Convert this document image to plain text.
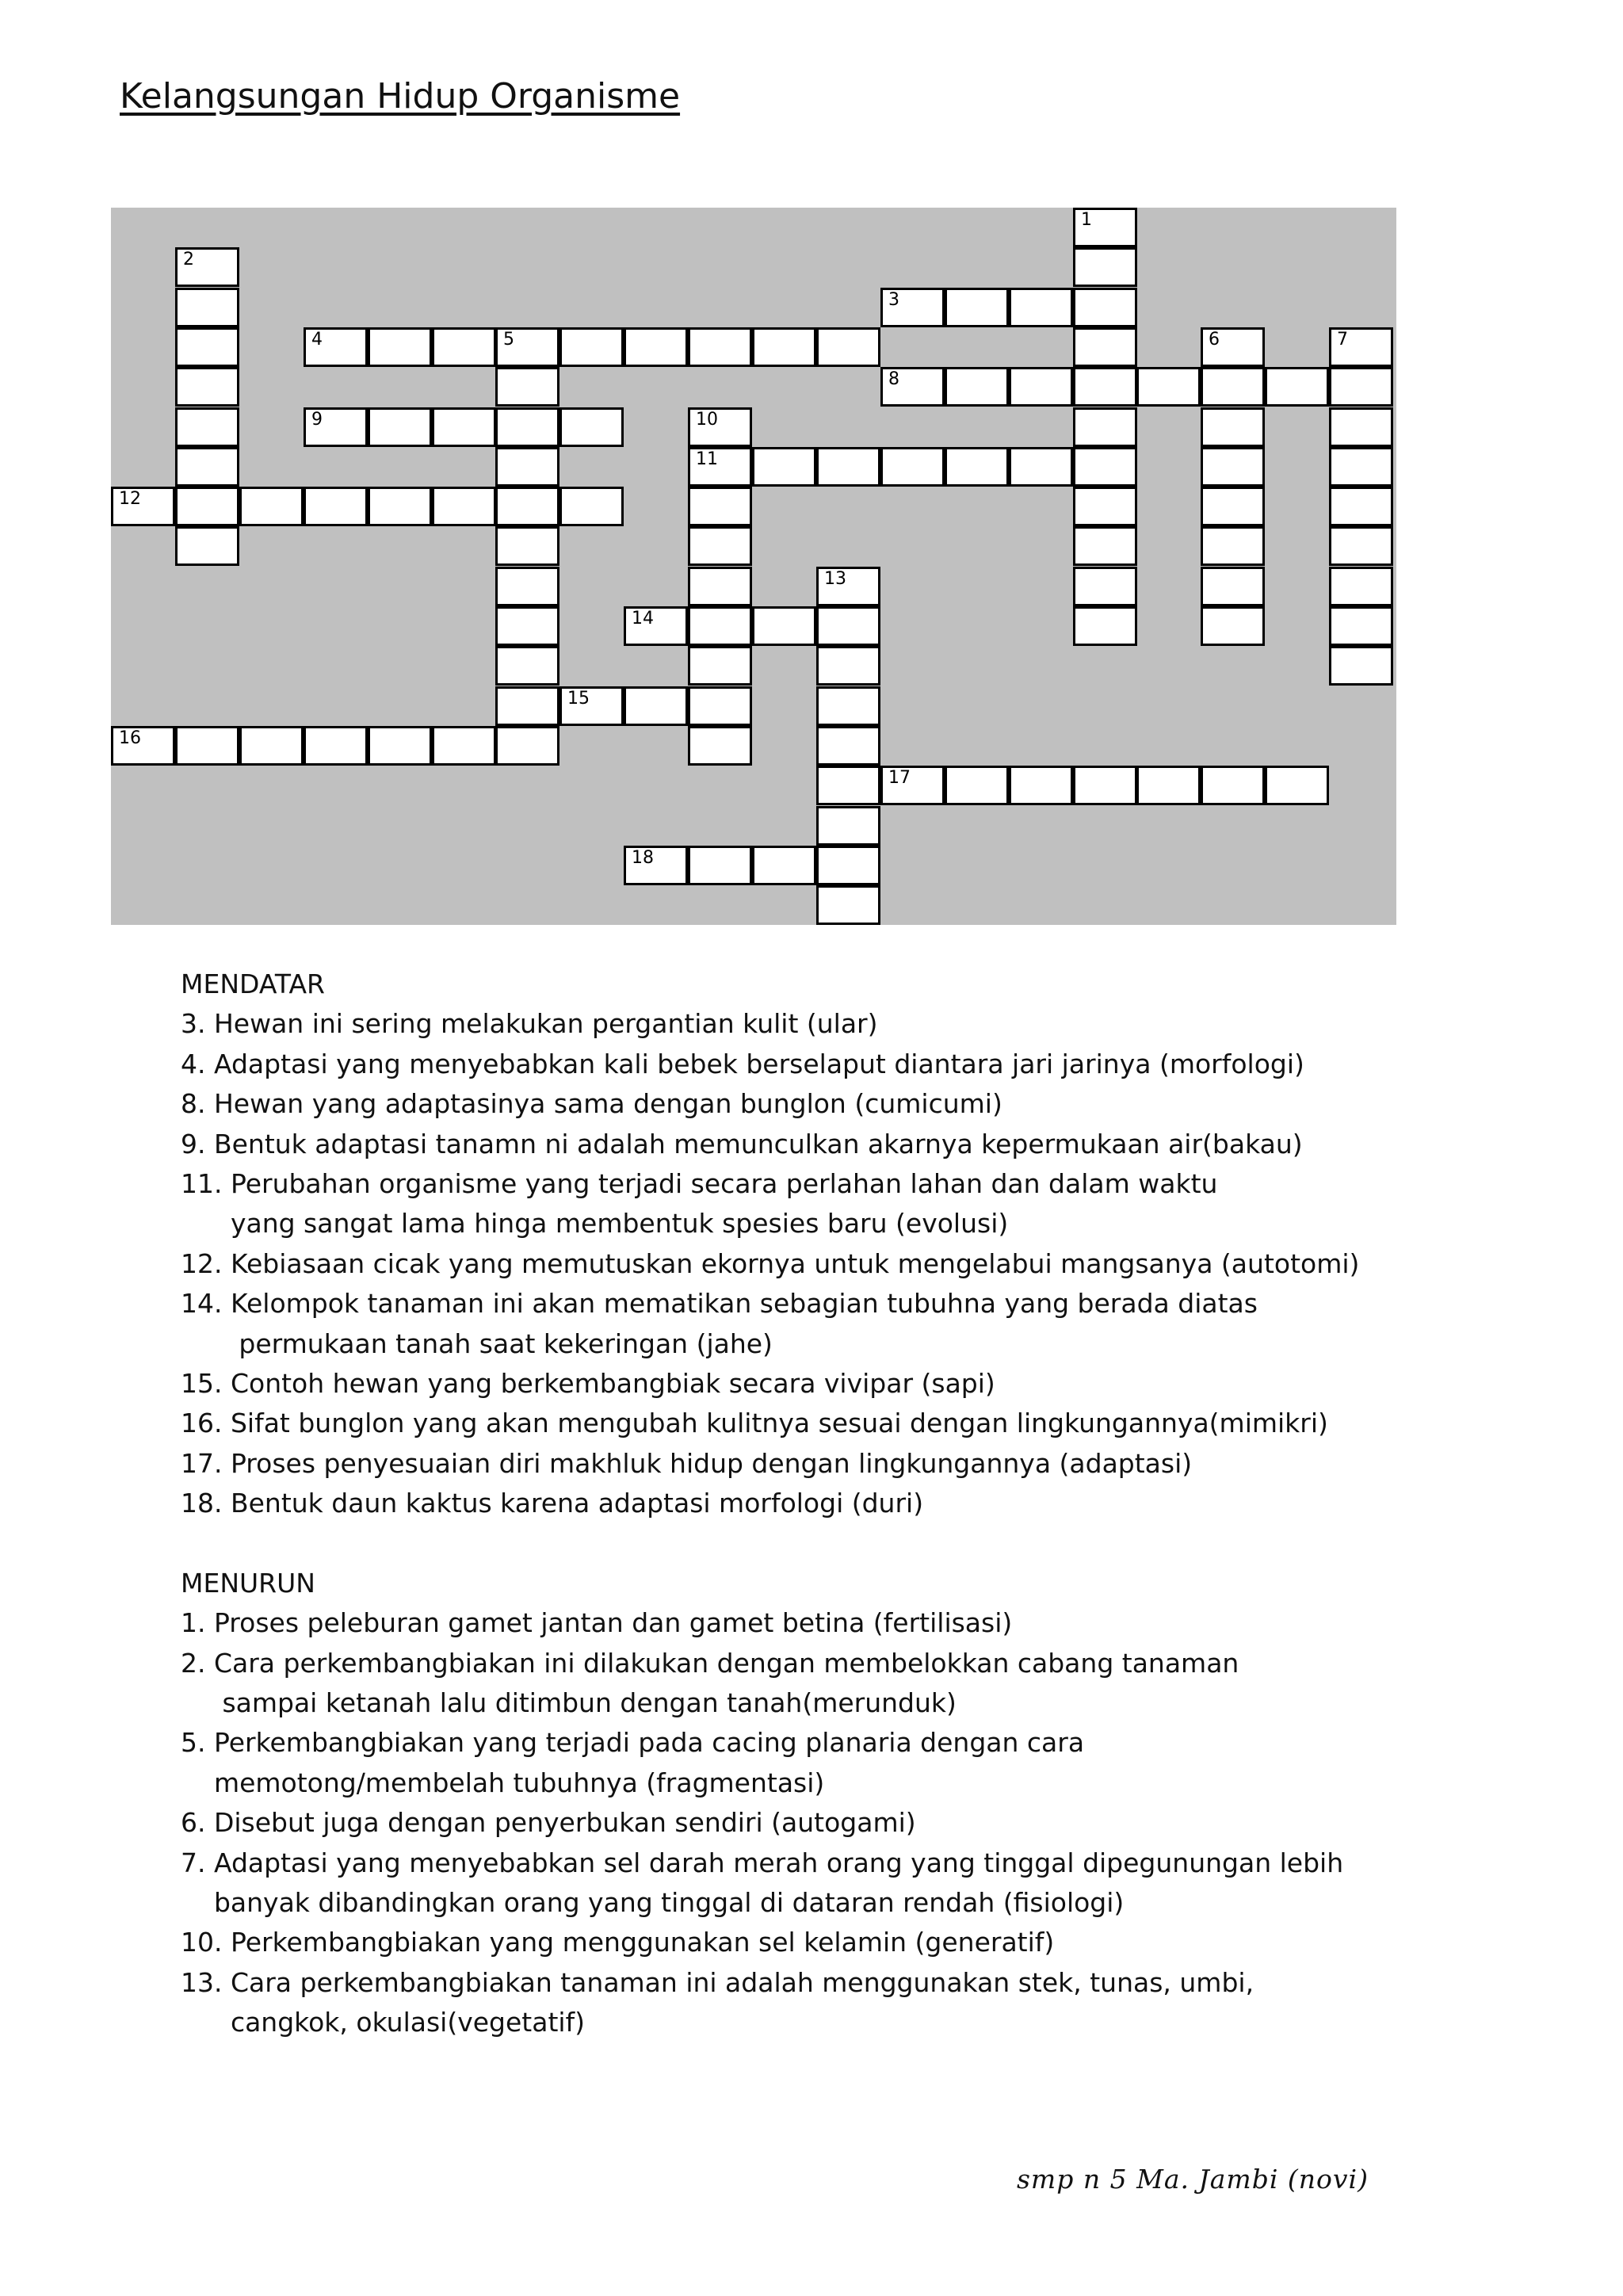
Kelangsungan Hidup Organisme
3
4	5
8
9
11
12
14
15
16
17
18
1
2
6	7
10
13

MENDATAR

3. Hewan ini sering melakukan pergantian kulit (ular)

4. Adaptasi yang menyebabkan kali bebek berselaput diantara jari jarinya (morfologi)

8. Hewan yang adaptasinya sama dengan bunglon (cumicumi)

9. Bentuk adaptasi tanamn ni adalah memunculkan akarnya kepermukaan air(bakau)

11. Perubahan organisme yang terjadi secara perlahan lahan dan dalam waktu

yang sangat lama hinga membentuk spesies baru (evolusi)

12. Kebiasaan cicak yang memutuskan ekornya untuk mengelabui mangsanya (autotomi)

14. Kelompok tanaman ini akan mematikan sebagian tubuhna yang berada diatas

permukaan tanah saat kekeringan (jahe)

15. Contoh hewan yang berkembangbiak secara vivipar (sapi)

16. Sifat bunglon yang akan mengubah kulitnya sesuai dengan lingkungannya(mimikri)

17. Proses penyesuaian diri makhluk hidup dengan lingkungannya (adaptasi)

18. Bentuk daun kaktus karena adaptasi morfologi (duri)

MENURUN

1. Proses peleburan gamet jantan dan gamet betina (fertilisasi)

2. Cara perkembangbiakan ini dilakukan dengan membelokkan cabang tanaman

sampai ketanah lalu ditimbun dengan tanah(merunduk)

5. Perkembangbiakan yang terjadi pada cacing planaria dengan cara

memotong/membelah tubuhnya (fragmentasi)

6. Disebut juga dengan penyerbukan sendiri (autogami)

7. Adaptasi yang menyebabkan sel darah merah orang yang tinggal dipegunungan lebih

banyak dibandingkan orang yang tinggal di dataran rendah (fisiologi)

10. Perkembangbiakan yang menggunakan sel kelamin (generatif)

13. Cara perkembangbiakan tanaman ini adalah menggunakan stek, tunas, umbi,

cangkok, okulasi(vegetatif)

smp n 5 Ma. Jambi (novi)
